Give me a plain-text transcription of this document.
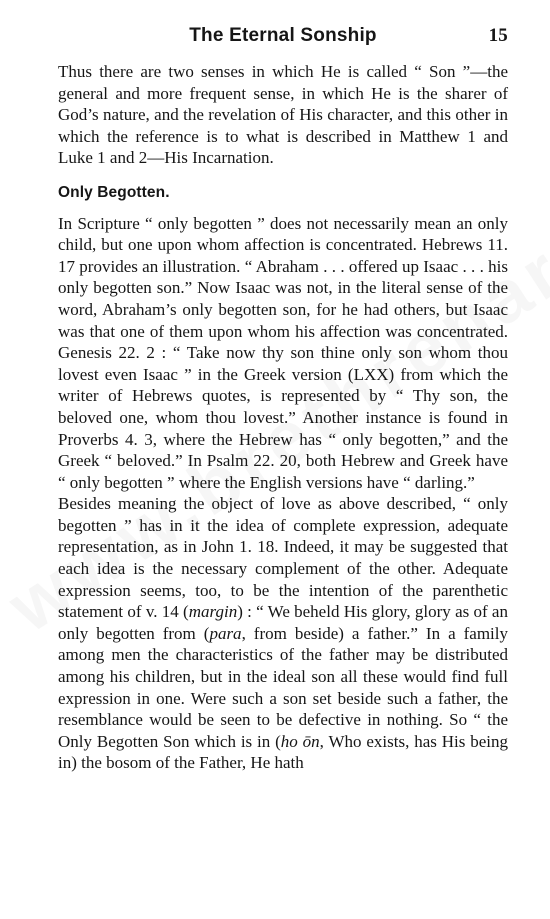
The Eternal Sonship	15

Thus there are two senses in which He is called “ Son ”—the general and more frequent sense, in which He is the sharer of God’s nature, and the revelation of His character, and this other in which the reference is to what is described in Matthew 1 and Luke 1 and 2—His Incarnation.

Only Begotten.

In Scripture “ only begotten ” does not necessarily mean an only child, but one upon whom affection is concentrated. Hebrews 11. 17 provides an illustration. “ Abraham . . . offered up Isaac . . . his only begotten son.” Now Isaac was not, in the literal sense of the word, Abraham’s only begotten son, for he had others, but Isaac was that one of them upon whom his affection was concentrated. Genesis 22. 2 : “ Take now thy son thine only son whom thou lovest even Isaac ” in the Greek version (LXX) from which the writer of Hebrews quotes, is represented by “ Thy son, the beloved one, whom thou lovest.” Another instance is found in Proverbs 4. 3, where the Hebrew has “ only begotten,” and the Greek “ beloved.” In Psalm 22. 20, both Hebrew and Greek have “ only begotten ” where the English versions have “ darling.”

Besides meaning the object of love as above described, “ only begotten ” has in it the idea of complete expression, adequate representation, as in John 1. 18. Indeed, it may be suggested that each idea is the necessary complement of the other. Adequate expression seems, too, to be the intention of the parenthetic statement of v. 14 (margin) : “ We beheld His glory, glory as of an only begotten from (para, from beside) a father.” In a family among men the characteristics of the father may be distributed among his children, but in the ideal son all these would find full expression in one. Were such a son set beside such a father, the resemblance would be seen to be defective in nothing. So “ the Only Begotten Son which is in (ho ōn, Who exists, has His being in) the bosom of the Father, He hath
